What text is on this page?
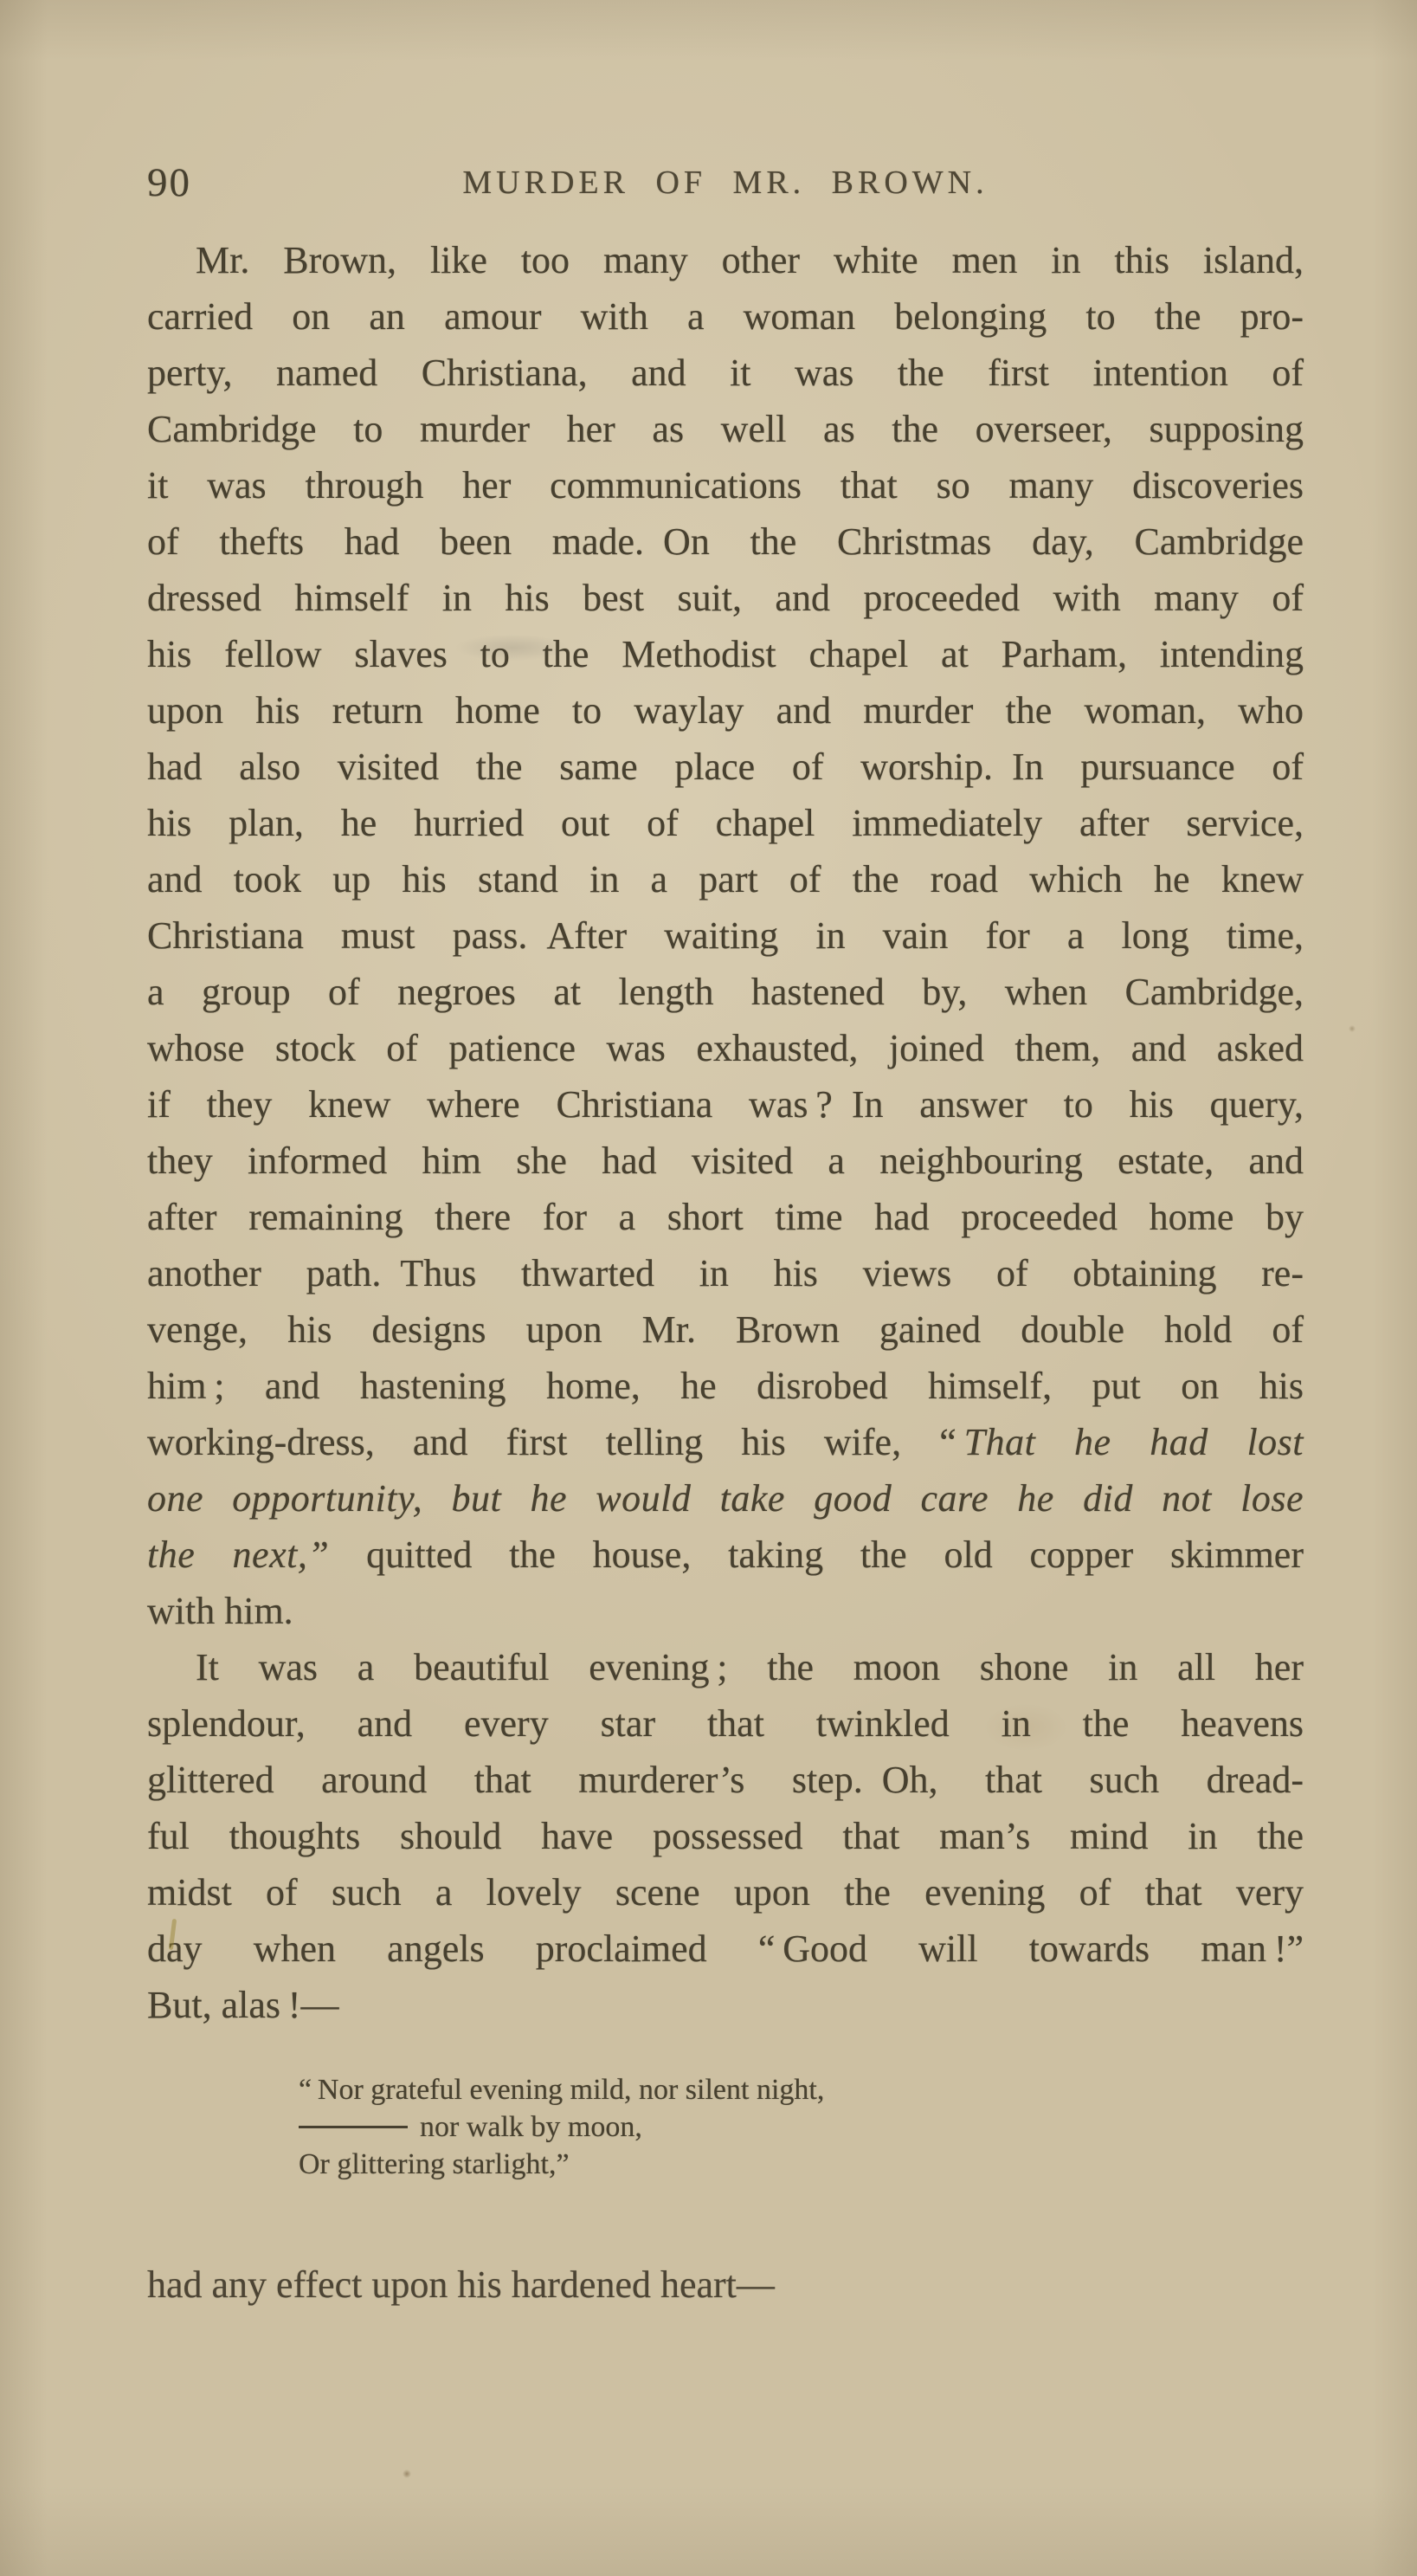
90	MURDER OF MR. BROWN.
Mr. Brown, like too many other white men in this island,
carried on an amour with a woman belonging to the pro-
perty, named Christiana, and it was the first intention of
Cambridge to murder her as well as the overseer, supposing
it was through her communications that so many discoveries
of thefts had been made. On the Christmas day, Cambridge
dressed himself in his best suit, and proceeded with many of
his fellow slaves to the Methodist chapel at Parham, intending
upon his return home to waylay and murder the woman, who
had also visited the same place of worship. In pursuance of
his plan, he hurried out of chapel immediately after service,
and took up his stand in a part of the road which he knew
Christiana must pass. After waiting in vain for a long time,
a group of negroes at length hastened by, when Cambridge,
whose stock of patience was exhausted, joined them, and asked
if they knew where Christiana was ? In answer to his query,
they informed him she had visited a neighbouring estate, and
after remaining there for a short time had proceeded home by
another path. Thus thwarted in his views of obtaining re-
venge, his designs upon Mr. Brown gained double hold of
him ; and hastening home, he disrobed himself, put on his
working-dress, and first telling his wife, “ That he had lost
one opportunity, but he would take good care he did not lose
the next,” quitted the house, taking the old copper skimmer
with him.
It was a beautiful evening ; the moon shone in all her
splendour, and every star that twinkled in the heavens
glittered around that murderer’s step. Oh, that such dread-
ful thoughts should have possessed that man’s mind in the
midst of such a lovely scene upon the evening of that very
day when angels proclaimed “ Good will towards man !”
But, alas !—
“ Nor grateful evening mild, nor silent night,
nor walk by moon,
Or glittering starlight,”
had any effect upon his hardened heart—
